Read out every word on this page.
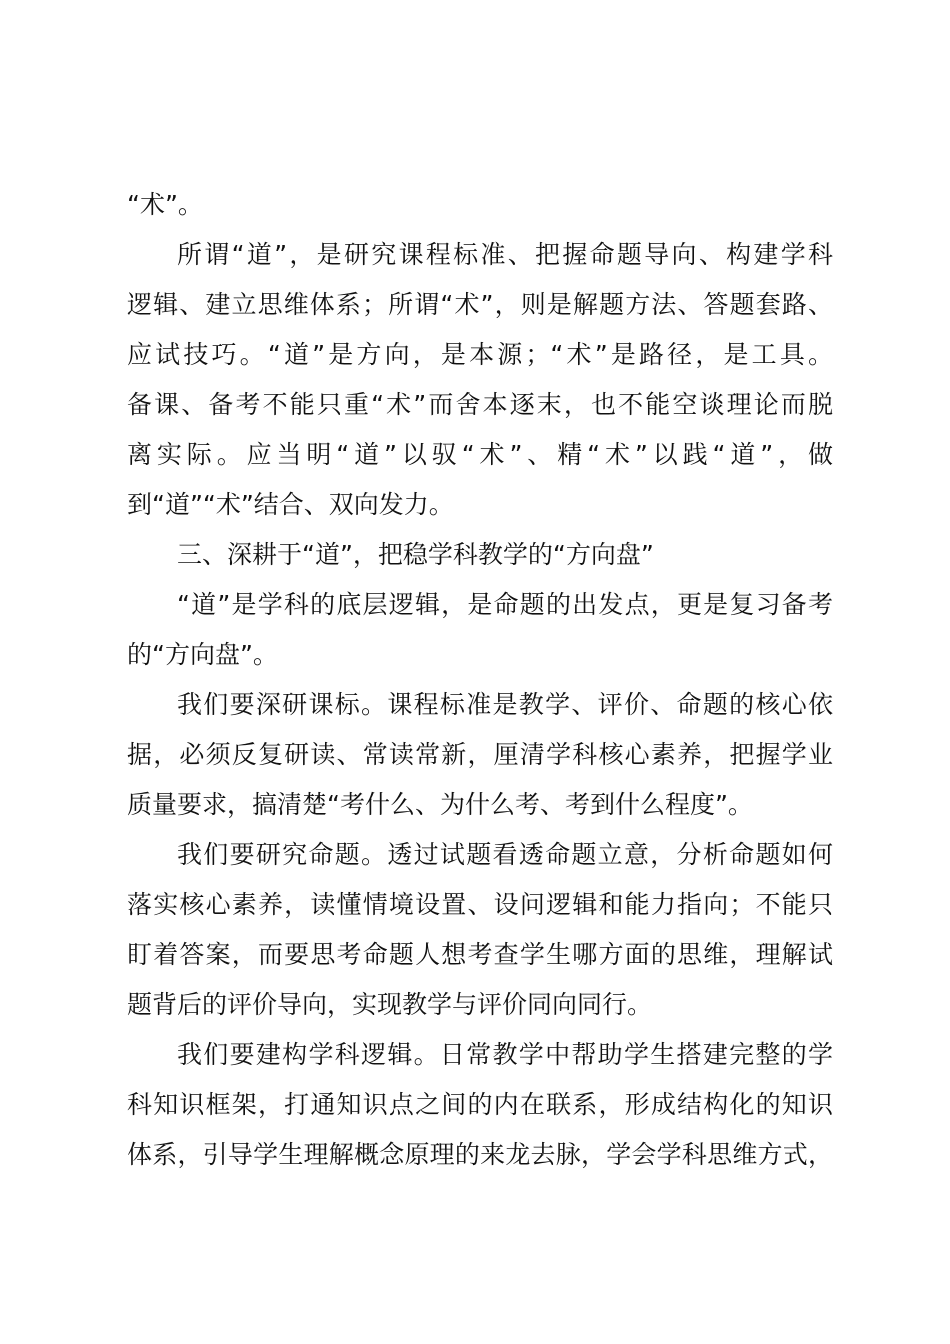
“术”。
所谓“道”，是研究课程标准、把握命题导向、构建学科
逻辑、建立思维体系；所谓“术”，则是解题方法、答题套路、
应试技巧。“道”是方向，是本源；“术”是路径，是工具。
备课、备考不能只重“术”而舍本逐末，也不能空谈理论而脱
离实际。应当明“道”以驭“术”、精“术”以践“道”，做
到“道”“术”结合、双向发力。
三、深耕于“道”，把稳学科教学的“方向盘”
“道”是学科的底层逻辑，是命题的出发点，更是复习备考
的“方向盘”。
我们要深研课标。课程标准是教学、评价、命题的核心依
据，必须反复研读、常读常新，厘清学科核心素养，把握学业
质量要求，搞清楚“考什么、为什么考、考到什么程度”。
我们要研究命题。透过试题看透命题立意，分析命题如何
落实核心素养，读懂情境设置、设问逻辑和能力指向；不能只
盯着答案，而要思考命题人想考查学生哪方面的思维，理解试
题背后的评价导向，实现教学与评价同向同行。
我们要建构学科逻辑。日常教学中帮助学生搭建完整的学
科知识框架，打通知识点之间的内在联系，形成结构化的知识
体系，引导学生理解概念原理的来龙去脉，学会学科思维方式，
